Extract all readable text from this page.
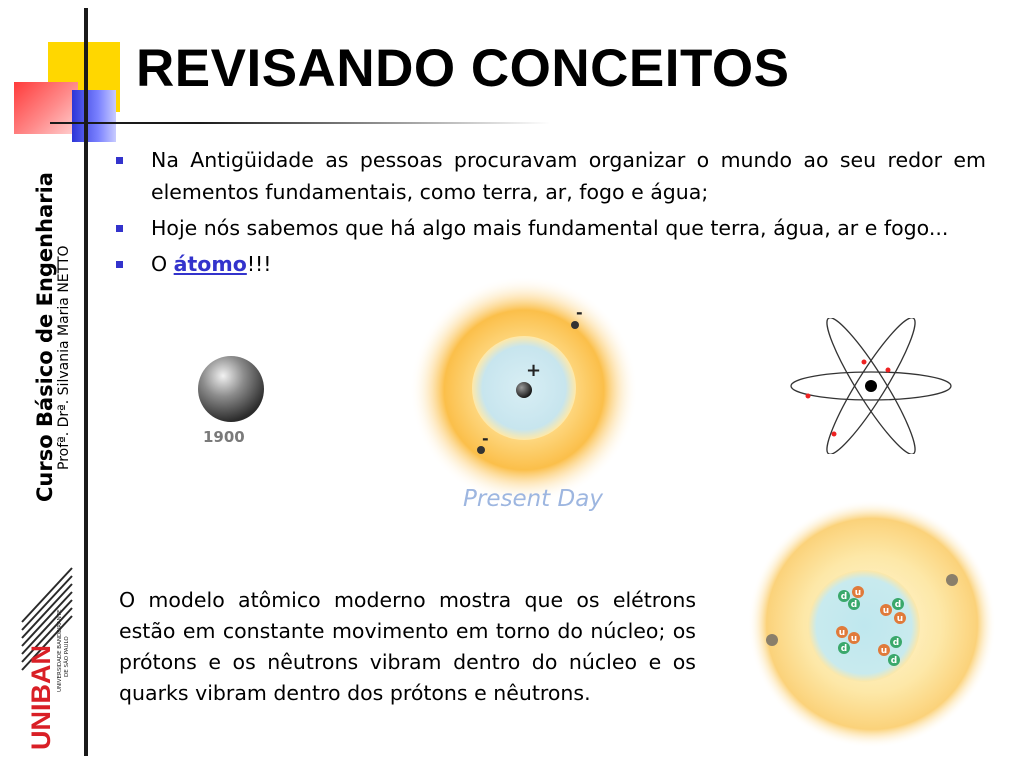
REVISANDO CONCEITOS
Curso Básico de Engenharia Profª. Drª. Silvania Maria NETTO
UNIBAN UNIVERSIDADE BANDEIRANTE DE SÃO PAULO
Na Antigüidade as pessoas procuravam organizar o mundo ao seu redor em elementos fundamentais, como terra, ar, fogo e água;
Hoje nós sabemos que há algo mais fundamental que terra, água, ar e fogo...
O átomo!!!
1900
+
-
-
Present Day
d
d
u
u
d
u
u
u
d	u
d
d
O modelo atômico moderno mostra que os elétrons estão em constante movimento em torno do núcleo; os prótons e os nêutrons vibram dentro do núcleo e os quarks vibram dentro dos prótons e nêutrons.
